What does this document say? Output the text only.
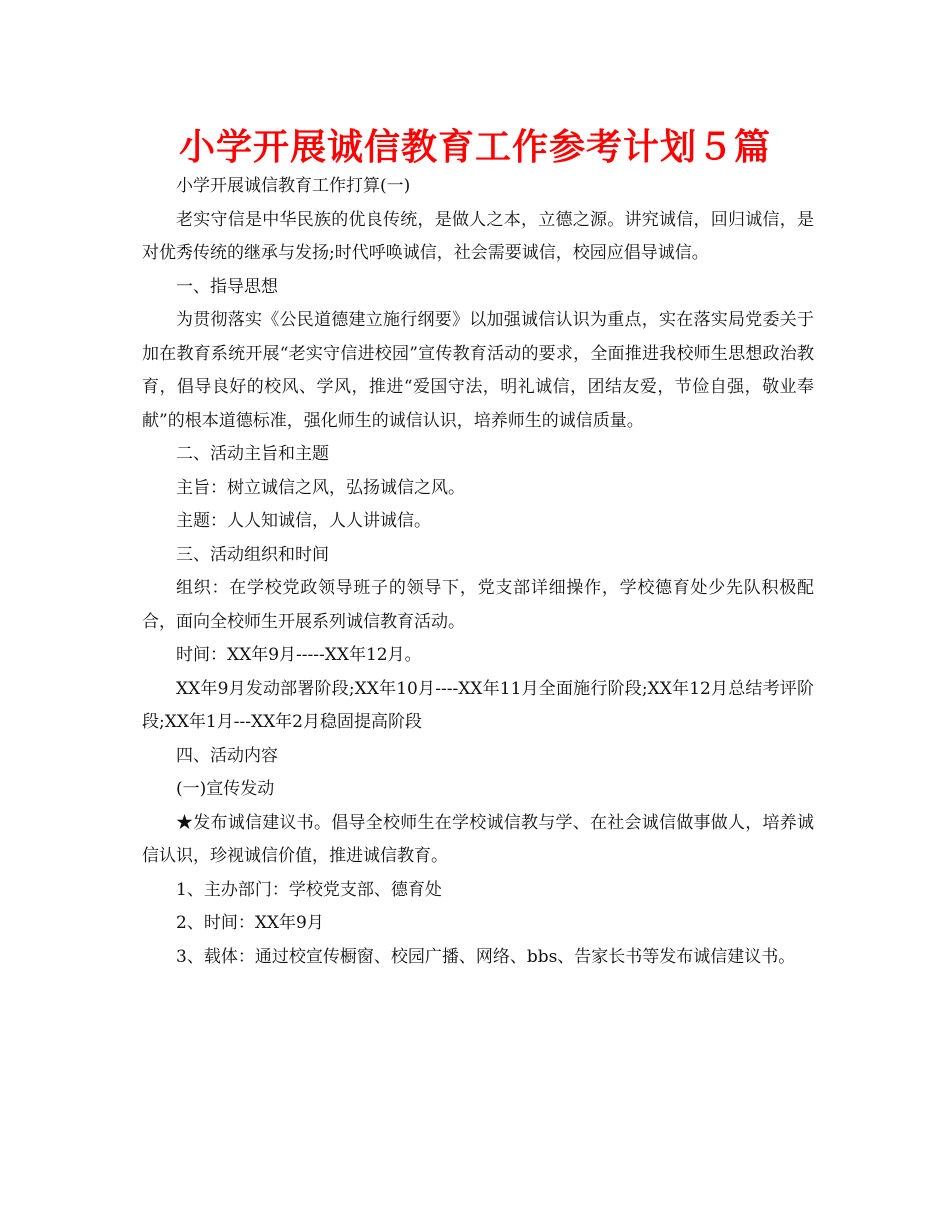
小学开展诚信教育工作参考计划５篇

小学开展诚信教育工作打算(一)

老实守信是中华民族的优良传统，是做人之本，立德之源。讲究诚信，回归诚信，是对优秀传统的继承与发扬;时代呼唤诚信，社会需要诚信，校园应倡导诚信。

一、指导思想

为贯彻落实《公民道德建立施行纲要》以加强诚信认识为重点，实在落实局党委关于加在教育系统开展“老实守信进校园”宣传教育活动的要求，全面推进我校师生思想政治教育，倡导良好的校风、学风，推进“爱国守法，明礼诚信，团结友爱，节俭自强，敬业奉献”的根本道德标准，强化师生的诚信认识，培养师生的诚信质量。

二、活动主旨和主题

主旨：树立诚信之风，弘扬诚信之风。

主题：人人知诚信，人人讲诚信。

三、活动组织和时间

组织：在学校党政领导班子的领导下，党支部详细操作，学校德育处少先队积极配合，面向全校师生开展系列诚信教育活动。

时间：XX年9月-----XX年12月。

XX年9月发动部署阶段;XX年10月----XX年11月全面施行阶段;XX年12月总结考评阶段;XX年1月---XX年2月稳固提高阶段

四、活动内容

(一)宣传发动

★发布诚信建议书。倡导全校师生在学校诚信教与学、在社会诚信做事做人，培养诚信认识，珍视诚信价值，推进诚信教育。

1、主办部门：学校党支部、德育处

2、时间：XX年9月

3、载体：通过校宣传橱窗、校园广播、网络、bbs、告家长书等发布诚信建议书。
